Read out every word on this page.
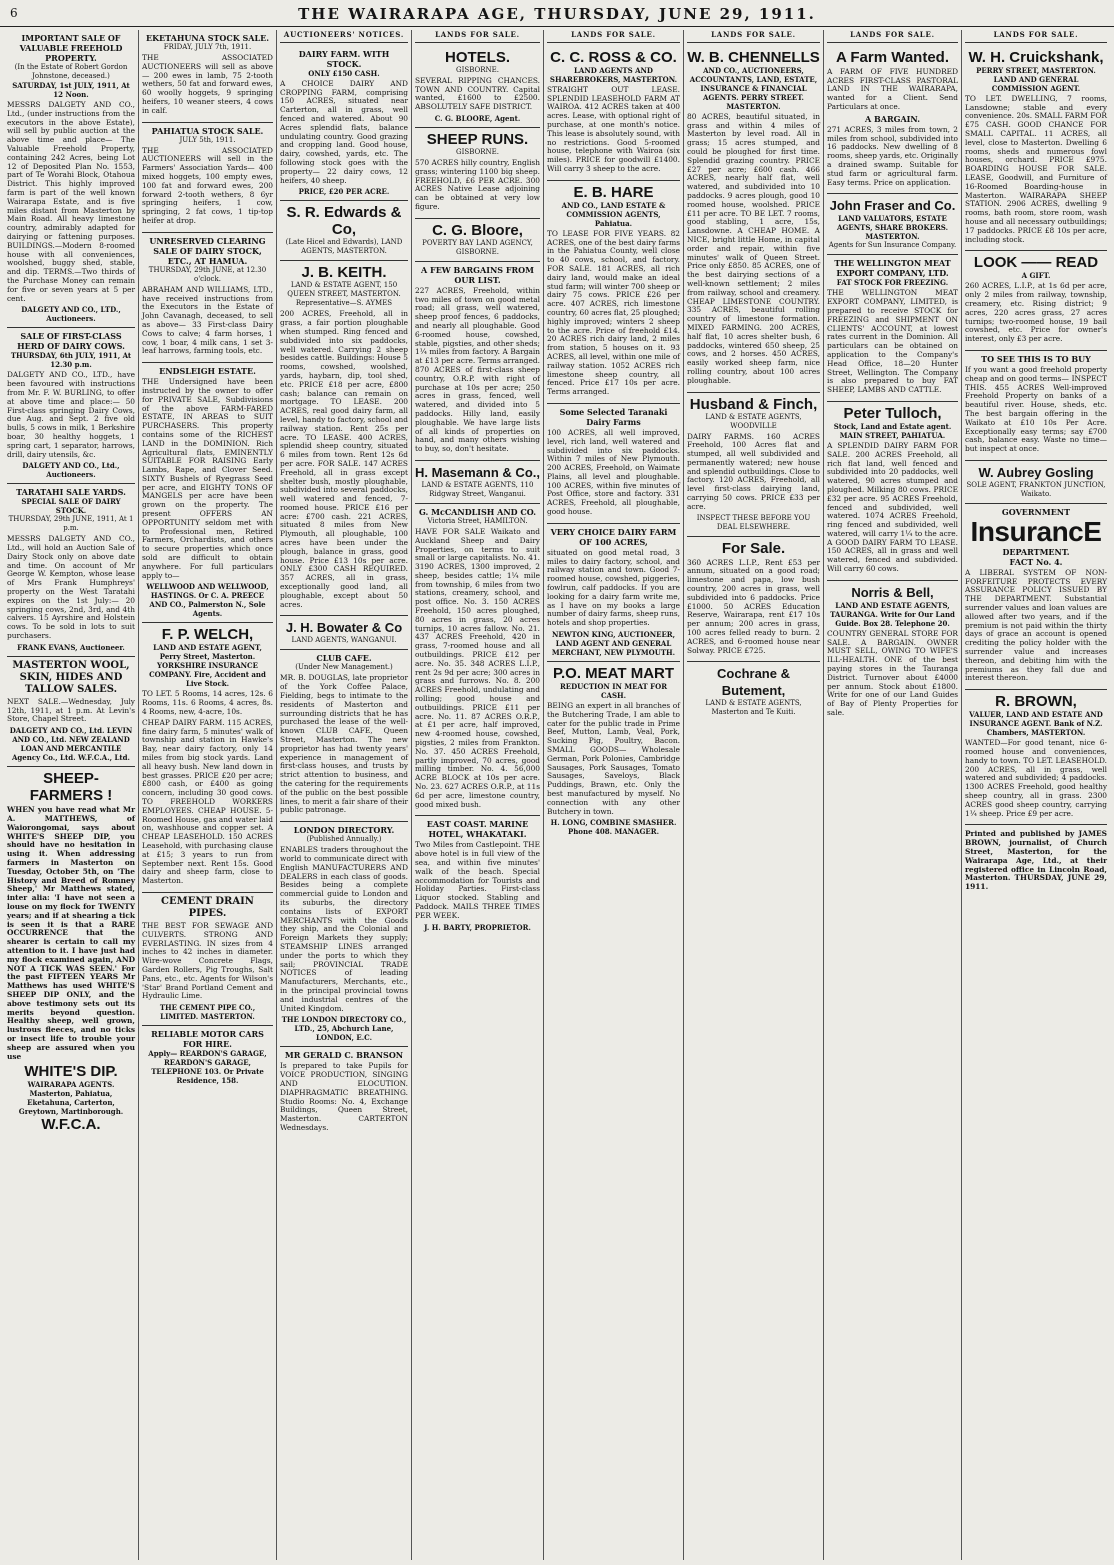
6	THE WAIRARAPA AGE, THURSDAY, JUNE 29, 1911.
IMPORTANT SALE OF VALUABLE FREEHOLD PROPERTY.
(In the Estate of Robert Gordon Johnstone, deceased.)
SATURDAY, 1st JULY, 1911, At 12 Noon.

MESSRS DALGETY AND CO., Ltd., (under instructions from the executors in the above Estate), will sell by public auction at the above time and place— The Valuable Freehold Property, containing 242 Acres, being Lot 12 of Deposited Plan No. 1553, part of Te Worahi Block, Otahoua District. This highly improved farm is part of the well known Wairarapa Estate, and is five miles distant from Masterton by Main Road. All heavy limestone country, admirably adapted for dairying or fattening purposes. BUILDINGS.—Modern 8-roomed house with all conveniences, woolshed, buggy shed, stable, and dip. TERMS.—Two thirds of the Purchase Money can remain for five or seven years at 5 per cent.

DALGETY AND CO., LTD., Auctioneers.
SALE OF FIRST-CLASS HERD OF DAIRY COWS.
THURSDAY, 6th JULY, 1911, At 12.30 p.m.

DALGETY AND CO., LTD., have been favoured with instructions from Mr. F. W. BURLING, to offer at above time and place:— 50 First-class springing Dairy Cows, due Aug. and Sept. 2 five old bulls, 5 cows in milk, 1 Berkshire boar, 30 healthy hoggets, 1 spring cart, 1 separator, harrows, drill, dairy utensils, &c.

DALGETY AND CO., Ltd., Auctioneers.
TARATAHI SALE YARDS.
SPECIAL SALE OF DAIRY STOCK.
THURSDAY, 29th JUNE, 1911, At 1 p.m.

MESSRS DALGETY AND CO., Ltd., will hold an Auction Sale of Dairy Stock only on above date and time. On account of Mr George W. Kempton, whose lease of Mrs Frank Humphreys' property on the West Taratahi expires on the 1st July:— 20 springing cows, 2nd, 3rd, and 4th calvers. 15 Ayrshire and Holstein cows. To be sold in lots to suit purchasers.

FRANK EVANS, Auctioneer.
MASTERTON WOOL, SKIN, HIDES AND TALLOW SALES.

NEXT SALE.—Wednesday, July 12th, 1911, at 1 p.m. At Levin's Store, Chapel Street.

DALGETY AND CO., Ltd. LEVIN AND CO., Ltd. NEW ZEALAND LOAN AND MERCANTILE Agency Co., Ltd. W.F.C.A., Ltd.
SHEEP-FARMERS !

WHEN you have read what Mr A. MATTHEWS, of Waiorongomai, says about WHITE'S SHEEP DIP, you should have no hesitation in using it. When addressing farmers in Masterton on Tuesday, October 5th, on 'The History and Breed of Romney Sheep,' Mr Matthews stated, inter alia: 'I have not seen a louse on my flock for TWENTY years; and if at shearing a tick is seen it is that a RARE OCCURRENCE that the shearer is certain to call my attention to it. I have just had my flock examined again, AND NOT A TICK WAS SEEN.' For the past FIFTEEN YEARS Mr Matthews has used WHITE'S SHEEP DIP ONLY, and the above testimony sets out its merits beyond question. Healthy sheep, well grown, lustrous fleeces, and no ticks or insect life to trouble your sheep are assured when you use

WHITE'S DIP.
WAIRARAPA AGENTS. Masterton, Pahiatua, Eketahuna, Carterton, Greytown, Martinborough.
W.F.C.A.
EKETAHUNA STOCK SALE.
FRIDAY, JULY 7th, 1911.

THE ASSOCIATED AUCTIONEERS will sell as above— 200 ewes in lamb, 75 2-tooth wethers, 50 fat and forward ewes, 60 woolly hoggets, 9 springing heifers, 10 weaner steers, 4 cows in calf.

PAHIATUA STOCK SALE.
JULY 5th, 1911.

THE ASSOCIATED AUCTIONEERS will sell in the Farmers' Association Yards— 400 mixed hoggets, 100 empty ewes, 100 fat and forward ewes, 200 forward 2-tooth wethers, 8 6yr springing heifers, 1 cow, springing, 2 fat cows, 1 tip-top heifer at drop.

UNRESERVED CLEARING SALE OF DAIRY STOCK, ETC., AT HAMUA.
THURSDAY, 29th JUNE, at 12.30 o'clock.

ABRAHAM AND WILLIAMS, LTD., have received instructions from the Executors in the Estate of John Cavanagh, deceased, to sell as above— 33 First-class Dairy Cows to calve; 4 farm horses, 1 cow, 1 boar, 4 milk cans, 1 set 3-leaf harrows, farming tools, etc.

ENDSLEIGH ESTATE.

THE Undersigned have been instructed by the owner to offer for PRIVATE SALE, Subdivisions of the above FARM-FARED ESTATE, IN AREAS to SUIT PURCHASERS. This property contains some of the RICHEST LAND in the DOMINION. Rich Agricultural flats, EMINENTLY SUITABLE FOR RAISING Early Lambs, Rape, and Clover Seed. SIXTY Bushels of Ryegrass Seed per acre, and EIGHTY TONS OF MANGELS per acre have been grown on the property. The present OFFERS AN OPPORTUNITY seldom met with to Professional men, Retired Farmers, Orchardists, and others to secure properties which once sold are difficult to obtain anywhere. For full particulars apply to—

WELLWOOD AND WELLWOOD, HASTINGS. Or C. A. PREECE AND CO., Palmerston N., Sole Agents.
F. P. WELCH,
LAND AND ESTATE AGENT, Perry Street, Masterton. YORKSHIRE INSURANCE COMPANY. Fire, Accident and Live Stock.

TO LET. 5 Rooms, 14 acres, 12s. 6 Rooms, 11s. 6 Rooms, 4 acres, 8s. 4 Rooms, new, 4-acre, 10s.

CHEAP DAIRY FARM. 115 ACRES, fine dairy farm, 5 minutes' walk of township and station in Hawke's Bay, near dairy factory, only 14 miles from big stock yards. Land all heavy bush. New land down in best grasses. PRICE £20 per acre; £800 cash, or £400 as going concern, including 30 good cows. TO FREEHOLD WORKERS EMPLOYEES. CHEAP HOUSE. 5-Roomed House, gas and water laid on, washhouse and copper set. A CHEAP LEASEHOLD. 150 ACRES Leasehold, with purchasing clause at £15; 3 years to run from September next. Rent 15s. Good dairy and sheep farm, close to Masterton.

CEMENT DRAIN PIPES.

THE BEST FOR SEWAGE AND CULVERTS. STRONG AND EVERLASTING. IN sizes from 4 inches to 42 inches in diameter. Wire-wove Concrete Flags, Garden Rollers, Pig Troughs, Salt Pans, etc., etc. Agents for Wilson's 'Star' Brand Portland Cement and Hydraulic Lime.

THE CEMENT PIPE CO., LIMITED. MASTERTON.
RELIABLE MOTOR CARS FOR HIRE.
Apply— REARDON'S GARAGE, REARDON'S GARAGE, TELEPHONE 103. Or Private Residence, 158.
AUCTIONEERS' NOTICES.
DAIRY FARM. WITH STOCK.
ONLY £150 CASH.

A CHOICE DAIRY AND CROPPING FARM, comprising 150 ACRES, situated near Carterton, all in grass, well fenced and watered. About 90 Acres splendid flats, balance undulating country. Good grazing and cropping land. Good house, dairy, cowshed, yards, etc. The following stock goes with the property— 22 dairy cows, 12 heifers, 40 sheep.

PRICE, £20 PER ACRE.
S. R. Edwards & Co,
(Late Hicel and Edwards), LAND AGENTS, MASTERTON.
J. B. KEITH.
LAND & ESTATE AGENT, 150 QUEEN STREET, MASTERTON. Representative—S. AYMES

200 ACRES, Freehold, all in grass, a fair portion ploughable when stumped. Ring fenced and subdivided into six paddocks, well watered. Carrying 2 sheep besides cattle. Buildings: House 5 rooms, cowshed, woolshed, yards, haybarn, dip, tool shed, etc. PRICE £18 per acre, £800 cash; balance can remain on mortgage. TO LEASE. 200 ACRES, real good dairy farm, all level, handy to factory, school and railway station. Rent 25s per acre. TO LEASE. 400 ACRES, splendid sheep country, situated 6 miles from town. Rent 12s 6d per acre. FOR SALE. 147 ACRES Freehold, all in grass except shelter bush, mostly ploughable, subdivided into several paddocks, well watered and fenced, 7-roomed house. PRICE £16 per acre: £700 cash. 221 ACRES, situated 8 miles from New Plymouth, all ploughable, 100 acres have been under the plough, balance in grass, good house. Price £13 10s per acre. ONLY £300 CASH REQUIRED. 357 ACRES, all in grass, exceptionally good land, all ploughable, except about 50 acres.

J. H. Bowater & Co
LAND AGENTS, WANGANUI.
CLUB CAFE.
(Under New Management.)

MR. B. DOUGLAS, late proprietor of the York Coffee Palace, Fielding, begs to intimate to the residents of Masterton and surrounding districts that he has purchased the lease of the well-known CLUB CAFE, Queen Street, Masterton. The new proprietor has had twenty years' experience in management of first-class houses, and trusts by strict attention to business, and the catering for the requirements of the public on the best possible lines, to merit a fair share of their public patronage.

LONDON DIRECTORY.
(Published Annually.)

ENABLES traders throughout the world to communicate direct with English MANUFACTURERS AND DEALERS in each class of goods. Besides being a complete commercial guide to London and its suburbs, the directory contains lists of EXPORT MERCHANTS with the Goods they ship, and the Colonial and Foreign Markets they supply; STEAMSHIP LINES arranged under the ports to which they sail; PROVINCIAL TRADE NOTICES of leading Manufacturers, Merchants, etc., in the principal provincial towns and industrial centres of the United Kingdom.

THE LONDON DIRECTORY CO., LTD., 25, Abchurch Lane, LONDON, E.C.
MR GERALD C. BRANSON

Is prepared to take Pupils for VOICE PRODUCTION, SINGING AND ELOCUTION. DIAPHRAGMATIC BREATHING. Studio Rooms: No. 4, Exchange Buildings, Queen Street, Masterton. CARTERTON Wednesdays.

LANDS FOR SALE.
HOTELS.
GISBORNE.

SEVERAL RIPPING CHANCES. TOWN AND COUNTRY. Capital wanted, £1600 to £2500. ABSOLUTELY SAFE DISTRICT.

C. G. BLOORE, Agent.
SHEEP RUNS.
GISBORNE.

570 ACRES hilly country, English grass; wintering 1100 big sheep. FREEHOLD, £6 PER ACRE. 300 ACRES Native Lease adjoining can be obtained at very low figure.

C. G. Bloore,
POVERTY BAY LAND AGENCY, GISBORNE.
A FEW BARGAINS FROM OUR LIST.

227 ACRES, Freehold, within two miles of town on good metal road; all grass, well watered, sheep proof fences, 6 paddocks, and nearly all ploughable. Good 6-roomed house, cowshed, stable, pigsties, and other sheds; 1¼ miles from factory. A Bargain at £13 per acre. Terms arranged. 870 ACRES of first-class sheep country, O.R.P. with right of purchase at 10s per acre; 250 acres in grass, fenced, well watered, and divided into 5 paddocks. Hilly land, easily ploughable. We have large lists of all kinds of properties on hand, and many others wishing to buy, so, don't hesitate.

H. Masemann & Co.,
LAND & ESTATE AGENTS, 110 Ridgway Street, Wanganui.
G. McCANDLISH AND CO.
Victoria Street, HAMILTON.

HAVE FOR SALE Waikato and Auckland Sheep and Dairy Properties, on terms to suit small or large capitalists. No. 41. 3190 ACRES, 1300 improved, 2 sheep, besides cattle; 1¼ mile from township, 6 miles from two stations, creamery, school, and post office. No. 3. 150 ACRES Freehold, 150 acres ploughed, 80 acres in grass, 20 acres turnips, 10 acres fallow. No. 21. 437 ACRES Freehold, 420 in grass, 7-roomed house and all outbuildings. PRICE £12 per acre. No. 35. 348 ACRES L.I.P., rent 2s 9d per acre; 300 acres in grass and furrows. No. 8. 200 ACRES Freehold, undulating and rolling; good house and outbuildings. PRICE £11 per acre. No. 11. 87 ACRES O.R.P., at £1 per acre, half improved, new 4-roomed house, cowshed, pigsties, 2 miles from Frankton. No. 37. 450 ACRES Freehold, partly improved, 70 acres, good milling timber. No. 4. 56,000 ACRE BLOCK at 10s per acre. No. 23. 627 ACRES O.R.P., at 11s 6d per acre, limestone country, good mixed bush.

EAST COAST. MARINE HOTEL, WHAKATAKI.

Two Miles from Castlepoint. THE above hotel is in full view of the sea, and within five minutes' walk of the beach. Special accommodation for Tourists and Holiday Parties. First-class Liquor stocked. Stabling and Paddock. MAILS THREE TIMES PER WEEK.

J. H. BARTY, PROPRIETOR.
LANDS FOR SALE.
C. C. ROSS & CO.
LAND AGENTS AND SHAREBROKERS, MASTERTON.

STRAIGHT OUT LEASE. SPLENDID LEASEHOLD FARM AT WAIROA. 412 ACRES taken at 400 acres. Lease, with optional right of purchase, at one month's notice. This lease is absolutely sound, with no restrictions. Good 5-roomed house, telephone with Wairoa (six miles). PRICE for goodwill £1400. Will carry 3 sheep to the acre.

E. B. HARE
AND CO., LAND ESTATE & COMMISSION AGENTS, Pahiatua.

TO LEASE FOR FIVE YEARS. 82 ACRES, one of the best dairy farms in the Pahiatua County, well close to 40 cows, school, and factory. FOR SALE. 181 ACRES, all rich dairy land, would make an ideal stud farm; will winter 700 sheep or dairy 75 cows. PRICE £26 per acre. 407 ACRES, rich limestone country, 60 acres flat, 25 ploughed; highly improved; winters 2 sheep to the acre. Price of freehold £14. 20 ACRES rich dairy land, 2 miles from station, 5 houses on it. 93 ACRES, all level, within one mile of railway station. 1052 ACRES rich limestone sheep country, all fenced. Price £17 10s per acre. Terms arranged.

Some Selected Taranaki Dairy Farms

100 ACRES, all well improved, level, rich land, well watered and subdivided into six paddocks. Within 7 miles of New Plymouth. 200 ACRES, Freehold, on Waimate Plains, all level and ploughable. 100 ACRES, within five minutes of Post Office, store and factory. 331 ACRES, Freehold, all ploughable, good house.

VERY CHOICE DAIRY FARM OF 100 ACRES,

situated on good metal road, 3 miles to dairy factory, school, and railway station and town. Good 7-roomed house, cowshed, piggeries, fowlrun, calf paddocks. If you are looking for a dairy farm write me, as I have on my books a large number of dairy farms, sheep runs, hotels and shop properties.

NEWTON KING, AUCTIONEER, LAND AGENT AND GENERAL MERCHANT, NEW PLYMOUTH.
P.O. MEAT MART
REDUCTION IN MEAT FOR CASH.

BEING an expert in all branches of the Butchering Trade, I am able to cater for the public trade in Prime Beef, Mutton, Lamb, Veal, Pork, Sucking Pig, Poultry, Bacon. SMALL GOODS— Wholesale German, Pork Polonies, Cambridge Sausages, Pork Sausages, Tomato Sausages, Saveloys, Black Puddings, Brawn, etc. Only the best manufactured by myself. No connection with any other Butchery in town.

H. LONG, COMBINE SMASHER. Phone 408. MANAGER.
LANDS FOR SALE.
W. B. CHENNELLS
AND CO., AUCTIONEERS, ACCOUNTANTS, LAND, ESTATE, INSURANCE & FINANCIAL AGENTS. PERRY STREET. MASTERTON.

80 ACRES, beautiful situated, in grass and within 4 miles of Masterton by level road. All in grass; 15 acres stumped, and could be ploughed for first time. Splendid grazing country. PRICE £27 per acre; £600 cash. 466 ACRES, nearly half flat, well watered, and subdivided into 10 paddocks. 9 acres plough, good 10 roomed house, woolshed. PRICE £11 per acre. TO BE LET. 7 rooms, good stabling, 1 acre, 15s, Lansdowne. A CHEAP HOME. A NICE, bright little Home, in capital order and repair, within five minutes' walk of Queen Street. Price only £850. 85 ACRES, one of the best dairying sections of a well-known settlement; 2 miles from railway, school and creamery. CHEAP LIMESTONE COUNTRY. 335 ACRES, beautiful rolling country of limestone formation. MIXED FARMING. 200 ACRES, half flat, 10 acres shelter bush, 6 paddocks, wintered 650 sheep, 25 cows, and 2 horses. 450 ACRES, easily worked sheep farm, nice rolling country, about 100 acres ploughable.

Husband & Finch,
LAND & ESTATE AGENTS, WOODVILLE

DAIRY FARMS. 160 ACRES Freehold, 100 Acres flat and stumped, all well subdivided and permanently watered; new house and splendid outbuildings. Close to factory. 120 ACRES, Freehold, all level first-class dairying land, carrying 50 cows. PRICE £33 per acre.

INSPECT THESE BEFORE YOU DEAL ELSEWHERE.
For Sale.

360 ACRES L.I.P., Rent £53 per annum, situated on a good road; limestone and papa, low bush country, 200 acres in grass, well subdivided into 6 paddocks. Price £1000. 50 ACRES Education Reserve, Wairarapa, rent £17 10s per annum; 200 acres in grass, 100 acres felled ready to burn. 2 ACRES, and 6-roomed house near Solway. PRICE £725.

Cochrane & Butement,
LAND & ESTATE AGENTS, Masterton and Te Kuiti.
LANDS FOR SALE.
A Farm Wanted.

A FARM OF FIVE HUNDRED ACRES FIRST-CLASS PASTORAL LAND IN THE WAIRARAPA, wanted for a Client. Send Particulars at once.

A BARGAIN.

271 ACRES, 3 miles from town, 2 miles from school, subdivided into 16 paddocks. New dwelling of 8 rooms, sheep yards, etc. Originally a drained swamp. Suitable for stud farm or agricultural farm. Easy terms. Price on application.

John Fraser and Co.
LAND VALUATORS, ESTATE AGENTS, SHARE BROKERS. MASTERTON.
Agents for Sun Insurance Company.
THE WELLINGTON MEAT EXPORT COMPANY, LTD.
FAT STOCK FOR FREEZING.

THE WELLINGTON MEAT EXPORT COMPANY, LIMITED, is prepared to receive STOCK for FREEZING and SHIPMENT ON CLIENTS' ACCOUNT, at lowest rates current in the Dominion. All particulars can be obtained on application to the Company's Head Office, 18—20 Hunter Street, Wellington. The Company is also prepared to buy FAT SHEEP, LAMBS AND CATTLE.

Peter Tulloch,
Stock, Land and Estate agent. MAIN STREET, PAHIATUA.

A SPLENDID DAIRY FARM FOR SALE. 200 ACRES Freehold, all rich flat land, well fenced and subdivided into 20 paddocks, well watered, 90 acres stumped and ploughed. Milking 80 cows. PRICE £32 per acre. 95 ACRES Freehold, fenced and subdivided, well watered. 1074 ACRES Freehold, ring fenced and subdivided, well watered, will carry 1¼ to the acre. A GOOD DAIRY FARM TO LEASE. 150 ACRES, all in grass and well watered, fenced and subdivided. Will carry 60 cows.

Norris & Bell,
LAND AND ESTATE AGENTS, TAURANGA. Write for Our Land Guide. Box 28. Telephone 20.

COUNTRY GENERAL STORE FOR SALE. A BARGAIN. OWNER MUST SELL, OWING TO WIFE'S ILL-HEALTH. ONE of the best paying stores in the Tauranga District. Turnover about £4000 per annum. Stock about £1800. Write for one of our Land Guides of Bay of Plenty Properties for sale.

LANDS FOR SALE.
W. H. Cruickshank,
PERRY STREET, MASTERTON. LAND AND GENERAL COMMISSION AGENT.

TO LET. DWELLING, 7 rooms, Lansdowne; stable and every convenience. 20s. SMALL FARM FOR £75 CASH. GOOD CHANCE FOR SMALL CAPITAL. 11 ACRES, all level, close to Masterton. Dwelling 6 rooms, sheds and numerous fowl houses, orchard. PRICE £975. BOARDING HOUSE FOR SALE. LEASE, Goodwill, and Furniture of 16-Roomed Boarding-house in Masterton. WAIRARAPA SHEEP STATION. 2906 ACRES, dwelling 9 rooms, bath room, store room, wash house and all necessary outbuildings; 17 paddocks. PRICE £8 10s per acre, including stock.

LOOK —— READ
A GIFT.

260 ACRES, L.I.P., at 1s 6d per acre, only 2 miles from railway, township, creamery, etc. Rising district; 9 acres, 220 acres grass, 27 acres turnips; two-roomed house, 19 bail cowshed, etc. Price for owner's interest, only £3 per acre.

TO SEE THIS IS TO BUY

If you want a good freehold property cheap and on good terms— INSPECT THIS. 455 ACRES Well-improved Freehold Property on banks of a beautiful river. House, sheds, etc. The best bargain offering in the Waikato at £10 10s Per Acre. Exceptionally easy terms; say £700 cash, balance easy. Waste no time—but inspect at once.

W. Aubrey Gosling
SOLE AGENT, FRANKTON JUNCTION, Waikato.
GOVERNMENT
InsurancE
DEPARTMENT.
FACT No. 4.

A LIBERAL SYSTEM OF NON-FORFEITURE PROTECTS EVERY ASSURANCE POLICY ISSUED BY THE DEPARTMENT. Substantial surrender values and loan values are allowed after two years, and if the premium is not paid within the thirty days of grace an account is opened crediting the policy holder with the surrender value and increases thereon, and debiting him with the premiums as they fall due and interest thereon.

R. BROWN,
VALUER, LAND AND ESTATE AND INSURANCE AGENT. Bank of N.Z. Chambers, MASTERTON.

WANTED—For good tenant, nice 6-roomed house and conveniences, handy to town. TO LET. LEASEHOLD. 200 ACRES, all in grass, well watered and subdivided; 4 paddocks. 1300 ACRES Freehold, good healthy sheep country, all in grass. 2300 ACRES good sheep country, carrying 1¼ sheep. Price £9 per acre.

Printed and published by JAMES BROWN, journalist, of Church Street, Masterton, for the Wairarapa Age, Ltd., at their registered office in Lincoln Road, Masterton. THURSDAY, JUNE 29, 1911.
